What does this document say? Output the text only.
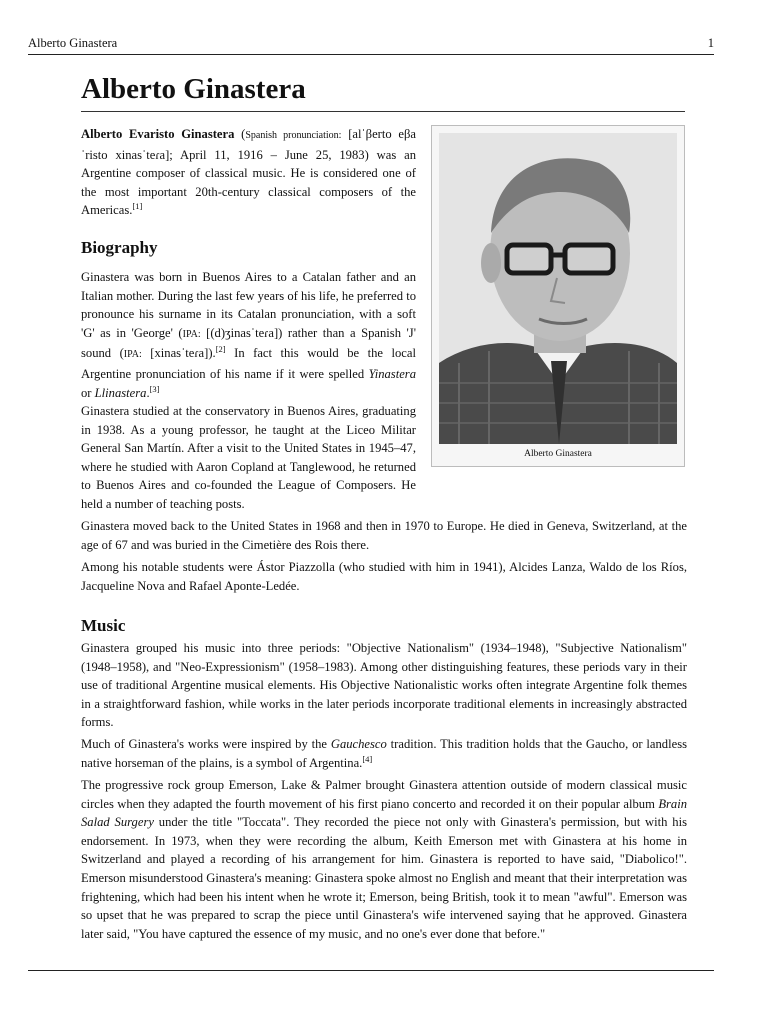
Alberto Ginastera	1
Alberto Ginastera

Alberto Evaristo Ginastera (Spanish pronunciation: [alˈβerto eβaˈristo xinasˈteɾa]; April 11, 1916 – June 25, 1983) was an Argentine composer of classical music. He is considered one of the most important 20th-century classical composers of the Americas.[1]

Alberto Ginastera
Biography

Ginastera was born in Buenos Aires to a Catalan father and an Italian mother. During the last few years of his life, he preferred to pronounce his surname in its Catalan pronunciation, with a soft 'G' as in 'George' (IPA: [(d)ʒinasˈteɾa]) rather than a Spanish 'J' sound (IPA: [xinasˈteɾa]).[2] In fact this would be the local Argentine pronunciation of his name if it were spelled Yinastera or Llinastera.[3]

Ginastera studied at the conservatory in Buenos Aires, graduating in 1938. As a young professor, he taught at the Liceo Militar General San Martín. After a visit to the United States in 1945–47, where he studied with Aaron Copland at Tanglewood, he returned to Buenos Aires and co-founded the League of Composers. He held a number of teaching posts.

Ginastera moved back to the United States in 1968 and then in 1970 to Europe. He died in Geneva, Switzerland, at the age of 67 and was buried in the Cimetière des Rois there.

Among his notable students were Ástor Piazzolla (who studied with him in 1941), Alcides Lanza, Waldo de los Ríos, Jacqueline Nova and Rafael Aponte-Ledée.

Music

Ginastera grouped his music into three periods: "Objective Nationalism" (1934–1948), "Subjective Nationalism" (1948–1958), and "Neo-Expressionism" (1958–1983). Among other distinguishing features, these periods vary in their use of traditional Argentine musical elements. His Objective Nationalistic works often integrate Argentine folk themes in a straightforward fashion, while works in the later periods incorporate traditional elements in increasingly abstracted forms.

Much of Ginastera's works were inspired by the Gauchesco tradition. This tradition holds that the Gaucho, or landless native horseman of the plains, is a symbol of Argentina.[4]

The progressive rock group Emerson, Lake & Palmer brought Ginastera attention outside of modern classical music circles when they adapted the fourth movement of his first piano concerto and recorded it on their popular album Brain Salad Surgery under the title "Toccata". They recorded the piece not only with Ginastera's permission, but with his endorsement. In 1973, when they were recording the album, Keith Emerson met with Ginastera at his home in Switzerland and played a recording of his arrangement for him. Ginastera is reported to have said, "Diabolico!". Emerson misunderstood Ginastera's meaning: Ginastera spoke almost no English and meant that their interpretation was frightening, which had been his intent when he wrote it; Emerson, being British, took it to mean "awful". Emerson was so upset that he was prepared to scrap the piece until Ginastera's wife intervened saying that he approved. Ginastera later said, "You have captured the essence of my music, and no one's ever done that before."
